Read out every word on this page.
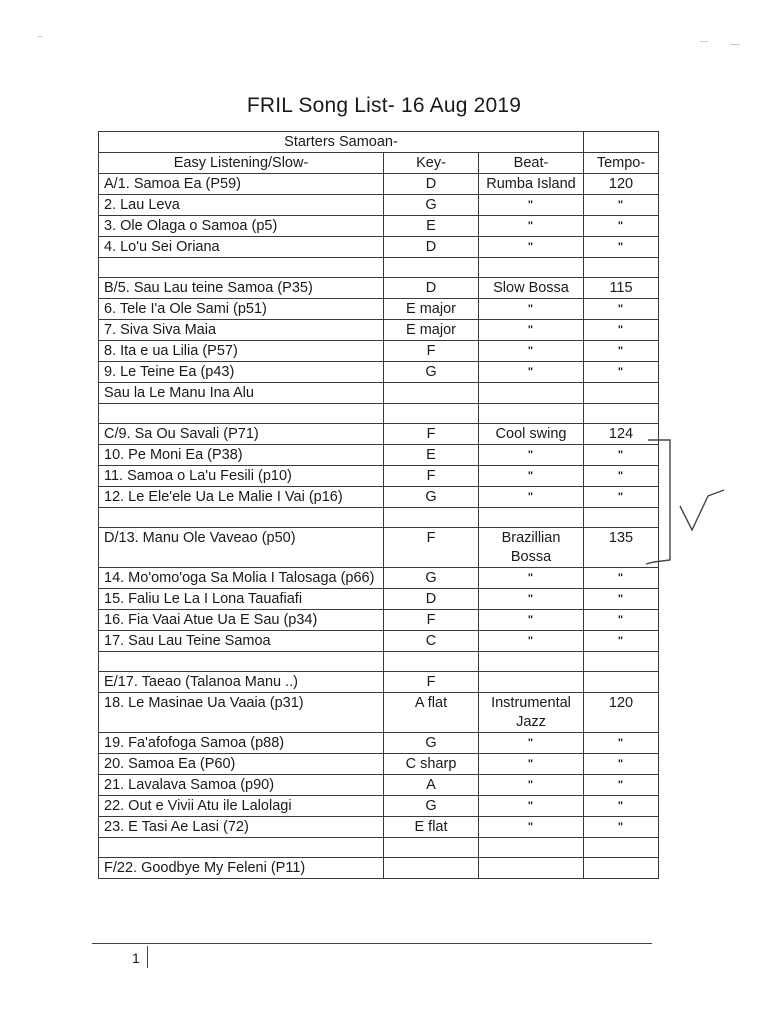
FRIL Song List- 16 Aug 2019
Starters Samoan-			
Easy Listening/Slow-	Key-	Beat-	Tempo-
A/1. Samoa Ea (P59)	D	Rumba Island	120
2. Lau Leva	G	"	"
3. Ole Olaga o Samoa (p5)	E	"	"
4. Lo'u Sei Oriana	D	"	"

B/5. Sau Lau teine Samoa (P35)	D	Slow Bossa	115
6. Tele I'a Ole Sami (p51)	E major	"	"
7. Siva Siva Maia	E major	"	"
8. Ita e ua Lilia (P57)	F	"	"
9. Le Teine Ea (p43)	G	"	"
Sau la Le Manu Ina Alu			

C/9. Sa Ou Savali (P71)	F	Cool swing	124
10. Pe Moni Ea (P38)	E	"	"
11. Samoa o La'u Fesili (p10)	F	"	"
12. Le Ele'ele Ua Le Malie I Vai (p16)	G	"	"

D/13. Manu Ole Vaveao (p50)	F	Brazillian Bossa	135
14. Mo'omo'oga Sa Molia I Talosaga (p66)	G	"	"
15. Faliu Le La I Lona Tauafiafi	D	"	"
16. Fia Vaai Atue Ua E Sau (p34)	F	"	"
17. Sau Lau Teine Samoa	C	"	"

E/17. Taeao (Talanoa Manu ..)	F		
18. Le Masinae Ua Vaaia (p31)	A flat	Instrumental Jazz	120
19. Fa'afofoga Samoa (p88)	G	"	"
20. Samoa Ea (P60)	C sharp	"	"
21. Lavalava Samoa (p90)	A	"	"
22. Out e Vivii Atu ile Lalolagi	G	"	"
23. E Tasi Ae Lasi (72)	E flat	"	"

F/22. Goodbye My Feleni (P11)			
1
